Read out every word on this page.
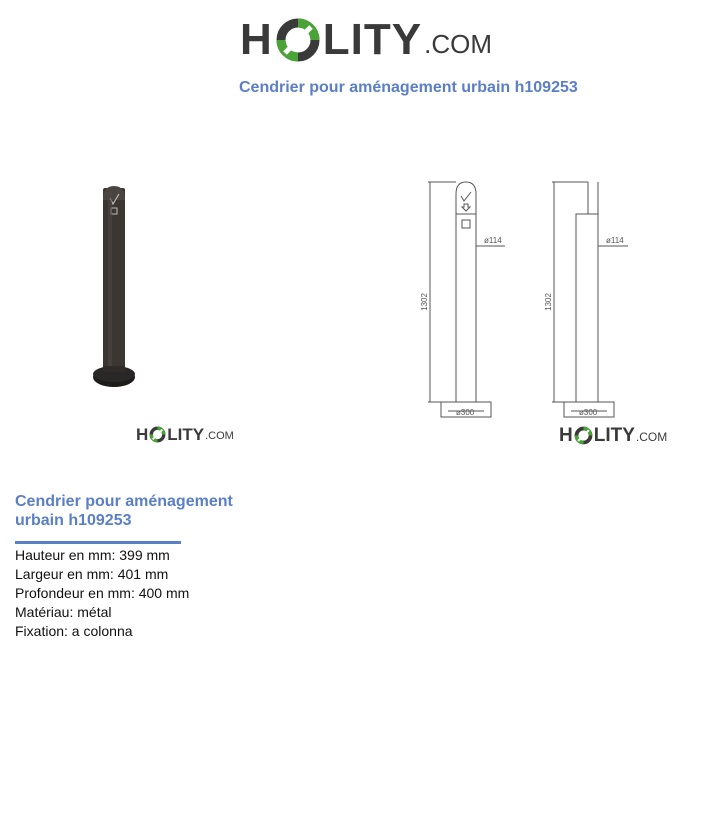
H LITY .COM
Cendrier pour aménagement urbain h109253
H LITY .COM
1302
ø114
ø300
1302
ø114
ø300
H LITY .COM
Cendrier pour aménagement urbain h109253
Hauteur en mm: 399 mm
Largeur en mm: 401 mm
Profondeur en mm: 400 mm
Matériau: métal
Fixation: a colonna
